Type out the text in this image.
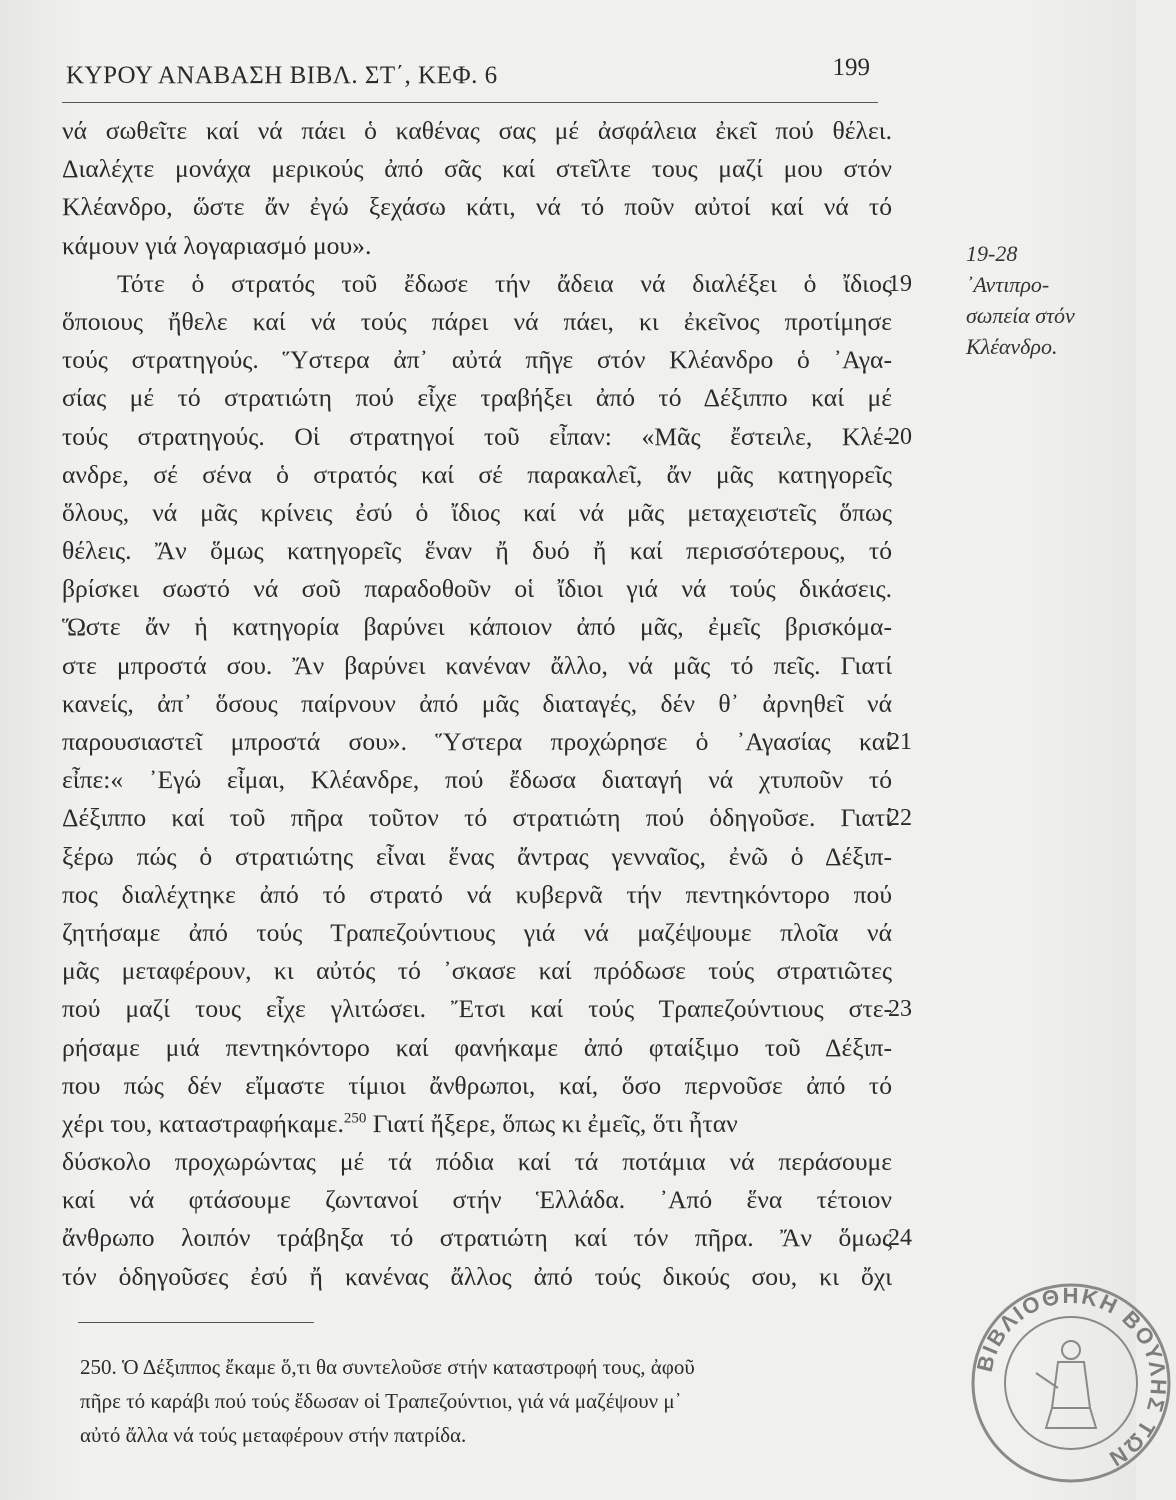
ΚΥΡΟΥ ΑΝΑΒΑΣΗ ΒΙΒΛ. ΣΤ΄, ΚΕΦ. 6	199
νά σωθεῖτε καί νά πάει ὁ καθένας σας μέ ἀσφάλεια ἐκεῖ πού θέλει.
Διαλέχτε μονάχα μερικούς ἀπό σᾶς καί στεῖλτε τους μαζί μου στόν
Κλέανδρο, ὥστε ἄν ἐγώ ξεχάσω κάτι, νά τό ποῦν αὐτοί καί νά τό
κάμουν γιά λογαριασμό μου».
Τότε ὁ στρατός τοῦ ἔδωσε τήν ἄδεια νά διαλέξει ὁ ἴδιος
19
ὅποιους ἤθελε καί νά τούς πάρει νά πάει, κι ἐκεῖνος προτίμησε
τούς στρατηγούς. Ὕστερα ἀπ᾿ αὐτά πῆγε στόν Κλέανδρο ὁ ᾿Αγα-
σίας μέ τό στρατιώτη πού εἶχε τραβήξει ἀπό τό Δέξιππο καί μέ
τούς στρατηγούς. Οἱ στρατηγοί τοῦ εἶπαν: «Μᾶς ἔστειλε, Κλέ-
20
ανδρε, σέ σένα ὁ στρατός καί σέ παρακαλεῖ, ἄν μᾶς κατηγορεῖς
ὅλους, νά μᾶς κρίνεις ἐσύ ὁ ἴδιος καί νά μᾶς μεταχειστεῖς ὅπως
θέλεις. Ἄν ὅμως κατηγορεῖς ἕναν ἤ δυό ἤ καί περισσότερους, τό
βρίσκει σωστό νά σοῦ παραδοθοῦν οἱ ἴδιοι γιά νά τούς δικάσεις.
Ὥστε ἄν ἡ κατηγορία βαρύνει κάποιον ἀπό μᾶς, ἐμεῖς βρισκόμα-
στε μπροστά σου. Ἄν βαρύνει κανέναν ἄλλο, νά μᾶς τό πεῖς. Γιατί
κανείς, ἀπ᾿ ὅσους παίρνουν ἀπό μᾶς διαταγές, δέν θ᾿ ἀρνηθεῖ νά
παρουσιαστεῖ μπροστά σου». Ὕστερα προχώρησε ὁ ᾿Αγασίας καί
21
εἶπε:« ᾿Εγώ εἶμαι, Κλέανδρε, πού ἔδωσα διαταγή νά χτυποῦν τό
Δέξιππο καί τοῦ πῆρα τοῦτον τό στρατιώτη πού ὁδηγοῦσε. Γιατί
22
ξέρω πώς ὁ στρατιώτης εἶναι ἕνας ἄντρας γενναῖος, ἐνῶ ὁ Δέξιπ-
πος διαλέχτηκε ἀπό τό στρατό νά κυβερνᾶ τήν πεντηκόντορο πού
ζητήσαμε ἀπό τούς Τραπεζούντιους γιά νά μαζέψουμε πλοῖα νά
μᾶς μεταφέρουν, κι αὐτός τό ᾿σκασε καί πρόδωσε τούς στρατιῶτες
πού μαζί τους εἶχε γλιτώσει. Ἔτσι καί τούς Τραπεζούντιους στε-
23
ρήσαμε μιά πεντηκόντορο καί φανήκαμε ἀπό φταίξιμο τοῦ Δέξιπ-
που πώς δέν εἴμαστε τίμιοι ἄνθρωποι, καί, ὅσο περνοῦσε ἀπό τό
χέρι του, καταστραφήκαμε.$^{250}$ Γιατί ἤξερε, ὅπως κι ἐμεῖς, ὅτι ἦταν
δύσκολο προχωρώντας μέ τά πόδια καί τά ποτάμια νά περάσουμε
καί νά φτάσουμε ζωντανοί στήν Ἑλλάδα. ᾿Από ἕνα τέτοιον
ἄνθρωπο λοιπόν τράβηξα τό στρατιώτη καί τόν πῆρα. Ἄν ὅμως
24
τόν ὁδηγοῦσες ἐσύ ἤ κανένας ἄλλος ἀπό τούς δικούς σου, κι ὄχι
19-28
᾿Αντιπρο-
σωπεία στόν
Κλέανδρο.
250. Ὁ Δέξιππος ἔκαμε ὅ,τι θα συντελοῦσε στήν καταστροφή τους, ἀφοῦ
πῆρε τό καράβι πού τούς ἔδωσαν οἱ Τραπεζούντιοι, γιά νά μαζέψουν μ᾿
αὐτό ἄλλα νά τούς μεταφέρουν στήν πατρίδα.
ΒΙΒΛΙΟΘΗΚΗ ΒΟΥΛΗΣ ΤΩΝ
